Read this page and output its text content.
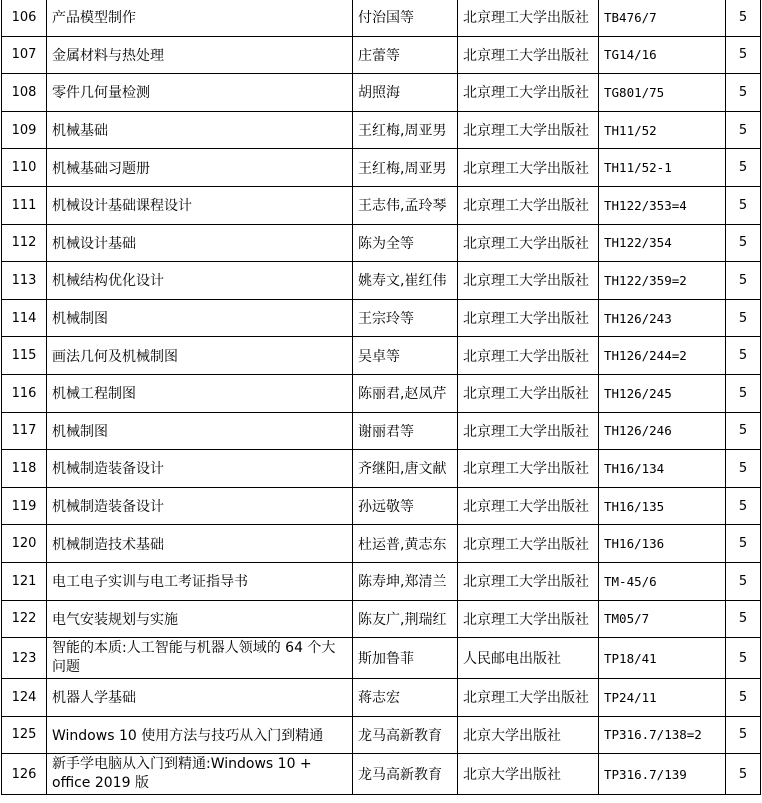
106	产品模型制作	付治国等	北京理工大学出版社	TB476/7	5
107	金属材料与热处理	庄蕾等	北京理工大学出版社	TG14/16	5
108	零件几何量检测	胡照海	北京理工大学出版社	TG801/75	5
109	机械基础	王红梅,周亚男	北京理工大学出版社	TH11/52	5
110	机械基础习题册	王红梅,周亚男	北京理工大学出版社	TH11/52-1	5
111	机械设计基础课程设计	王志伟,孟玲琴	北京理工大学出版社	TH122/353=4	5
112	机械设计基础	陈为全等	北京理工大学出版社	TH122/354	5
113	机械结构优化设计	姚寿文,崔红伟	北京理工大学出版社	TH122/359=2	5
114	机械制图	王宗玲等	北京理工大学出版社	TH126/243	5
115	画法几何及机械制图	吴卓等	北京理工大学出版社	TH126/244=2	5
116	机械工程制图	陈丽君,赵凤芹	北京理工大学出版社	TH126/245	5
117	机械制图	谢丽君等	北京理工大学出版社	TH126/246	5
118	机械制造装备设计	齐继阳,唐文献	北京理工大学出版社	TH16/134	5
119	机械制造装备设计	孙远敬等	北京理工大学出版社	TH16/135	5
120	机械制造技术基础	杜运普,黄志东	北京理工大学出版社	TH16/136	5
121	电工电子实训与电工考证指导书	陈寿坤,郑清兰	北京理工大学出版社	TM-45/6	5
122	电气安装规划与实施	陈友广,荆瑞红	北京理工大学出版社	TM05/7	5
123	智能的本质:人工智能与机器人领域的 64 个大问题	斯加鲁菲	人民邮电出版社	TP18/41	5
124	机器人学基础	蒋志宏	北京理工大学出版社	TP24/11	5
125	Windows 10 使用方法与技巧从入门到精通	龙马高新教育	北京大学出版社	TP316.7/138=2	5
126	新手学电脑从入门到精通:Windows 10 + office 2019 版	龙马高新教育	北京大学出版社	TP316.7/139	5
